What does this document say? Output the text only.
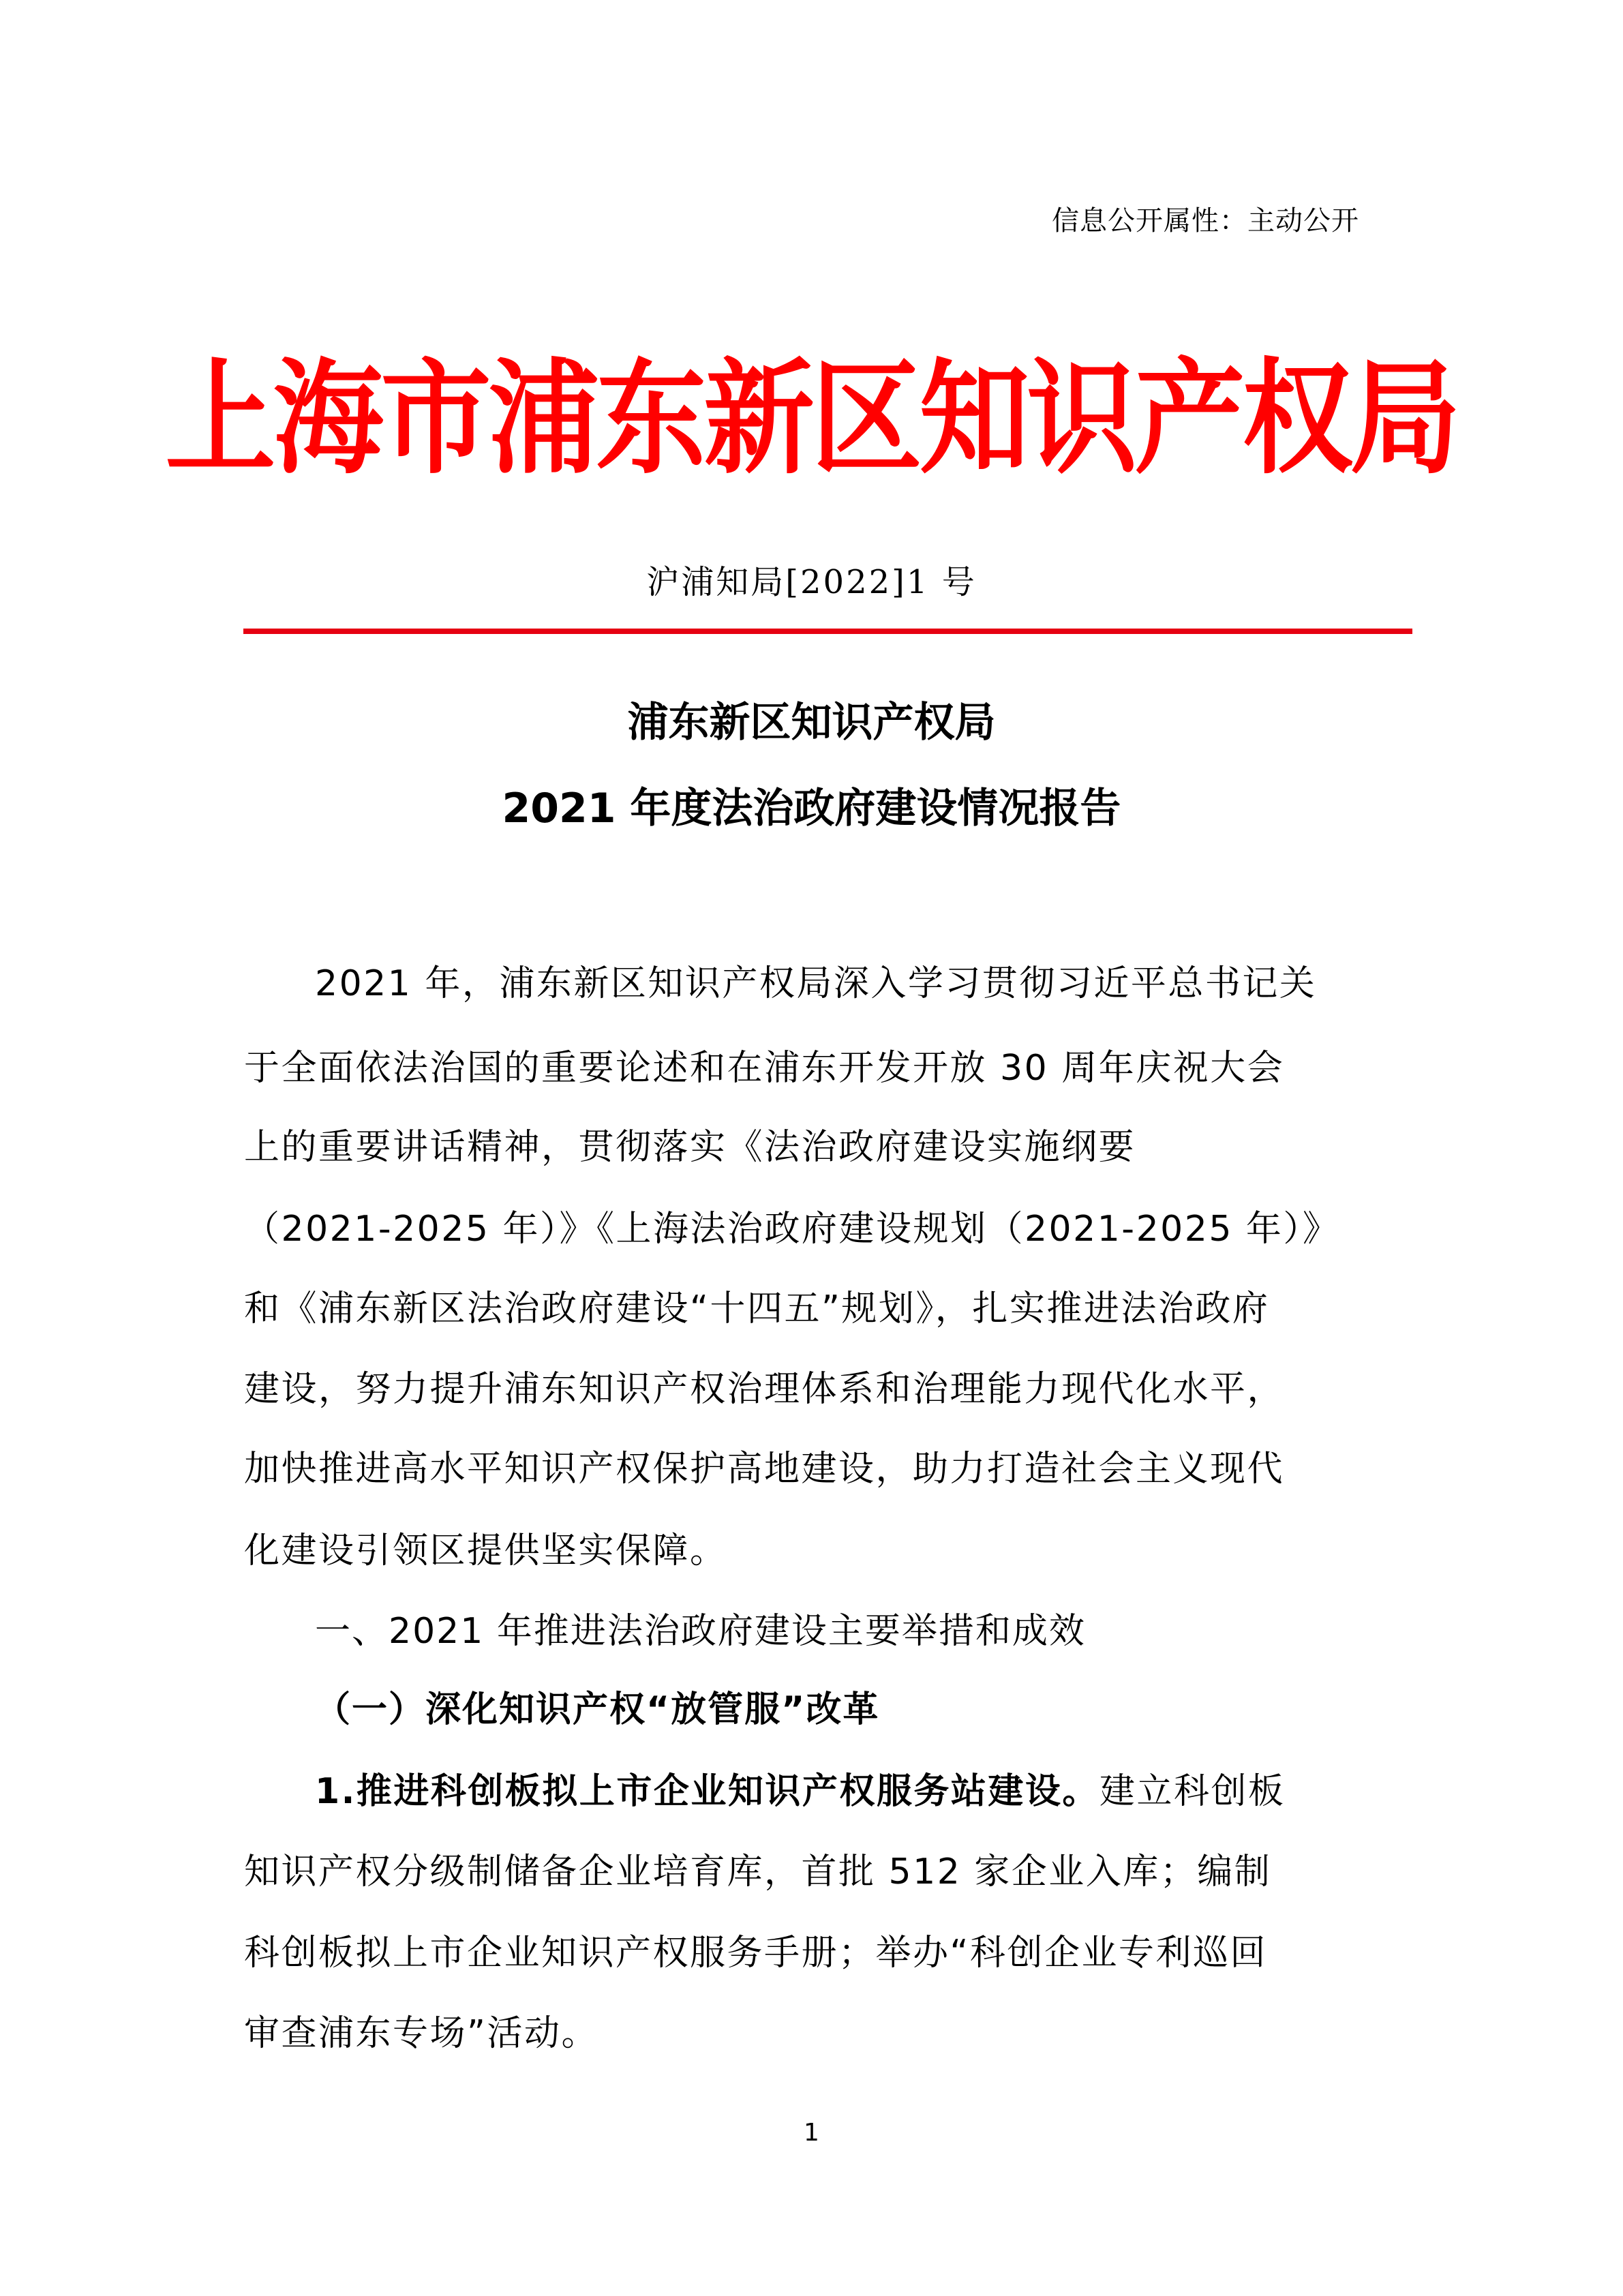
信息公开属性：主动公开
上海市浦东新区知识产权局
沪浦知局[2022]1 号
浦东新区知识产权局
2021 年度法治政府建设情况报告
2021 年，浦东新区知识产权局深入学习贯彻习近平总书记关
于全面依法治国的重要论述和在浦东开发开放 30 周年庆祝大会
上的重要讲话精神，贯彻落实《法治政府建设实施纲要
（2021-2025 年）》《上海法治政府建设规划（2021-2025 年）》
和《浦东新区法治政府建设“十四五”规划》，扎实推进法治政府
建设，努力提升浦东知识产权治理体系和治理能力现代化水平，
加快推进高水平知识产权保护高地建设，助力打造社会主义现代
化建设引领区提供坚实保障。
一、2021 年推进法治政府建设主要举措和成效
（一）深化知识产权“放管服”改革
1.推进科创板拟上市企业知识产权服务站建设。建立科创板
知识产权分级制储备企业培育库，首批 512 家企业入库；编制
科创板拟上市企业知识产权服务手册；举办“科创企业专利巡回
审查浦东专场”活动。
1
